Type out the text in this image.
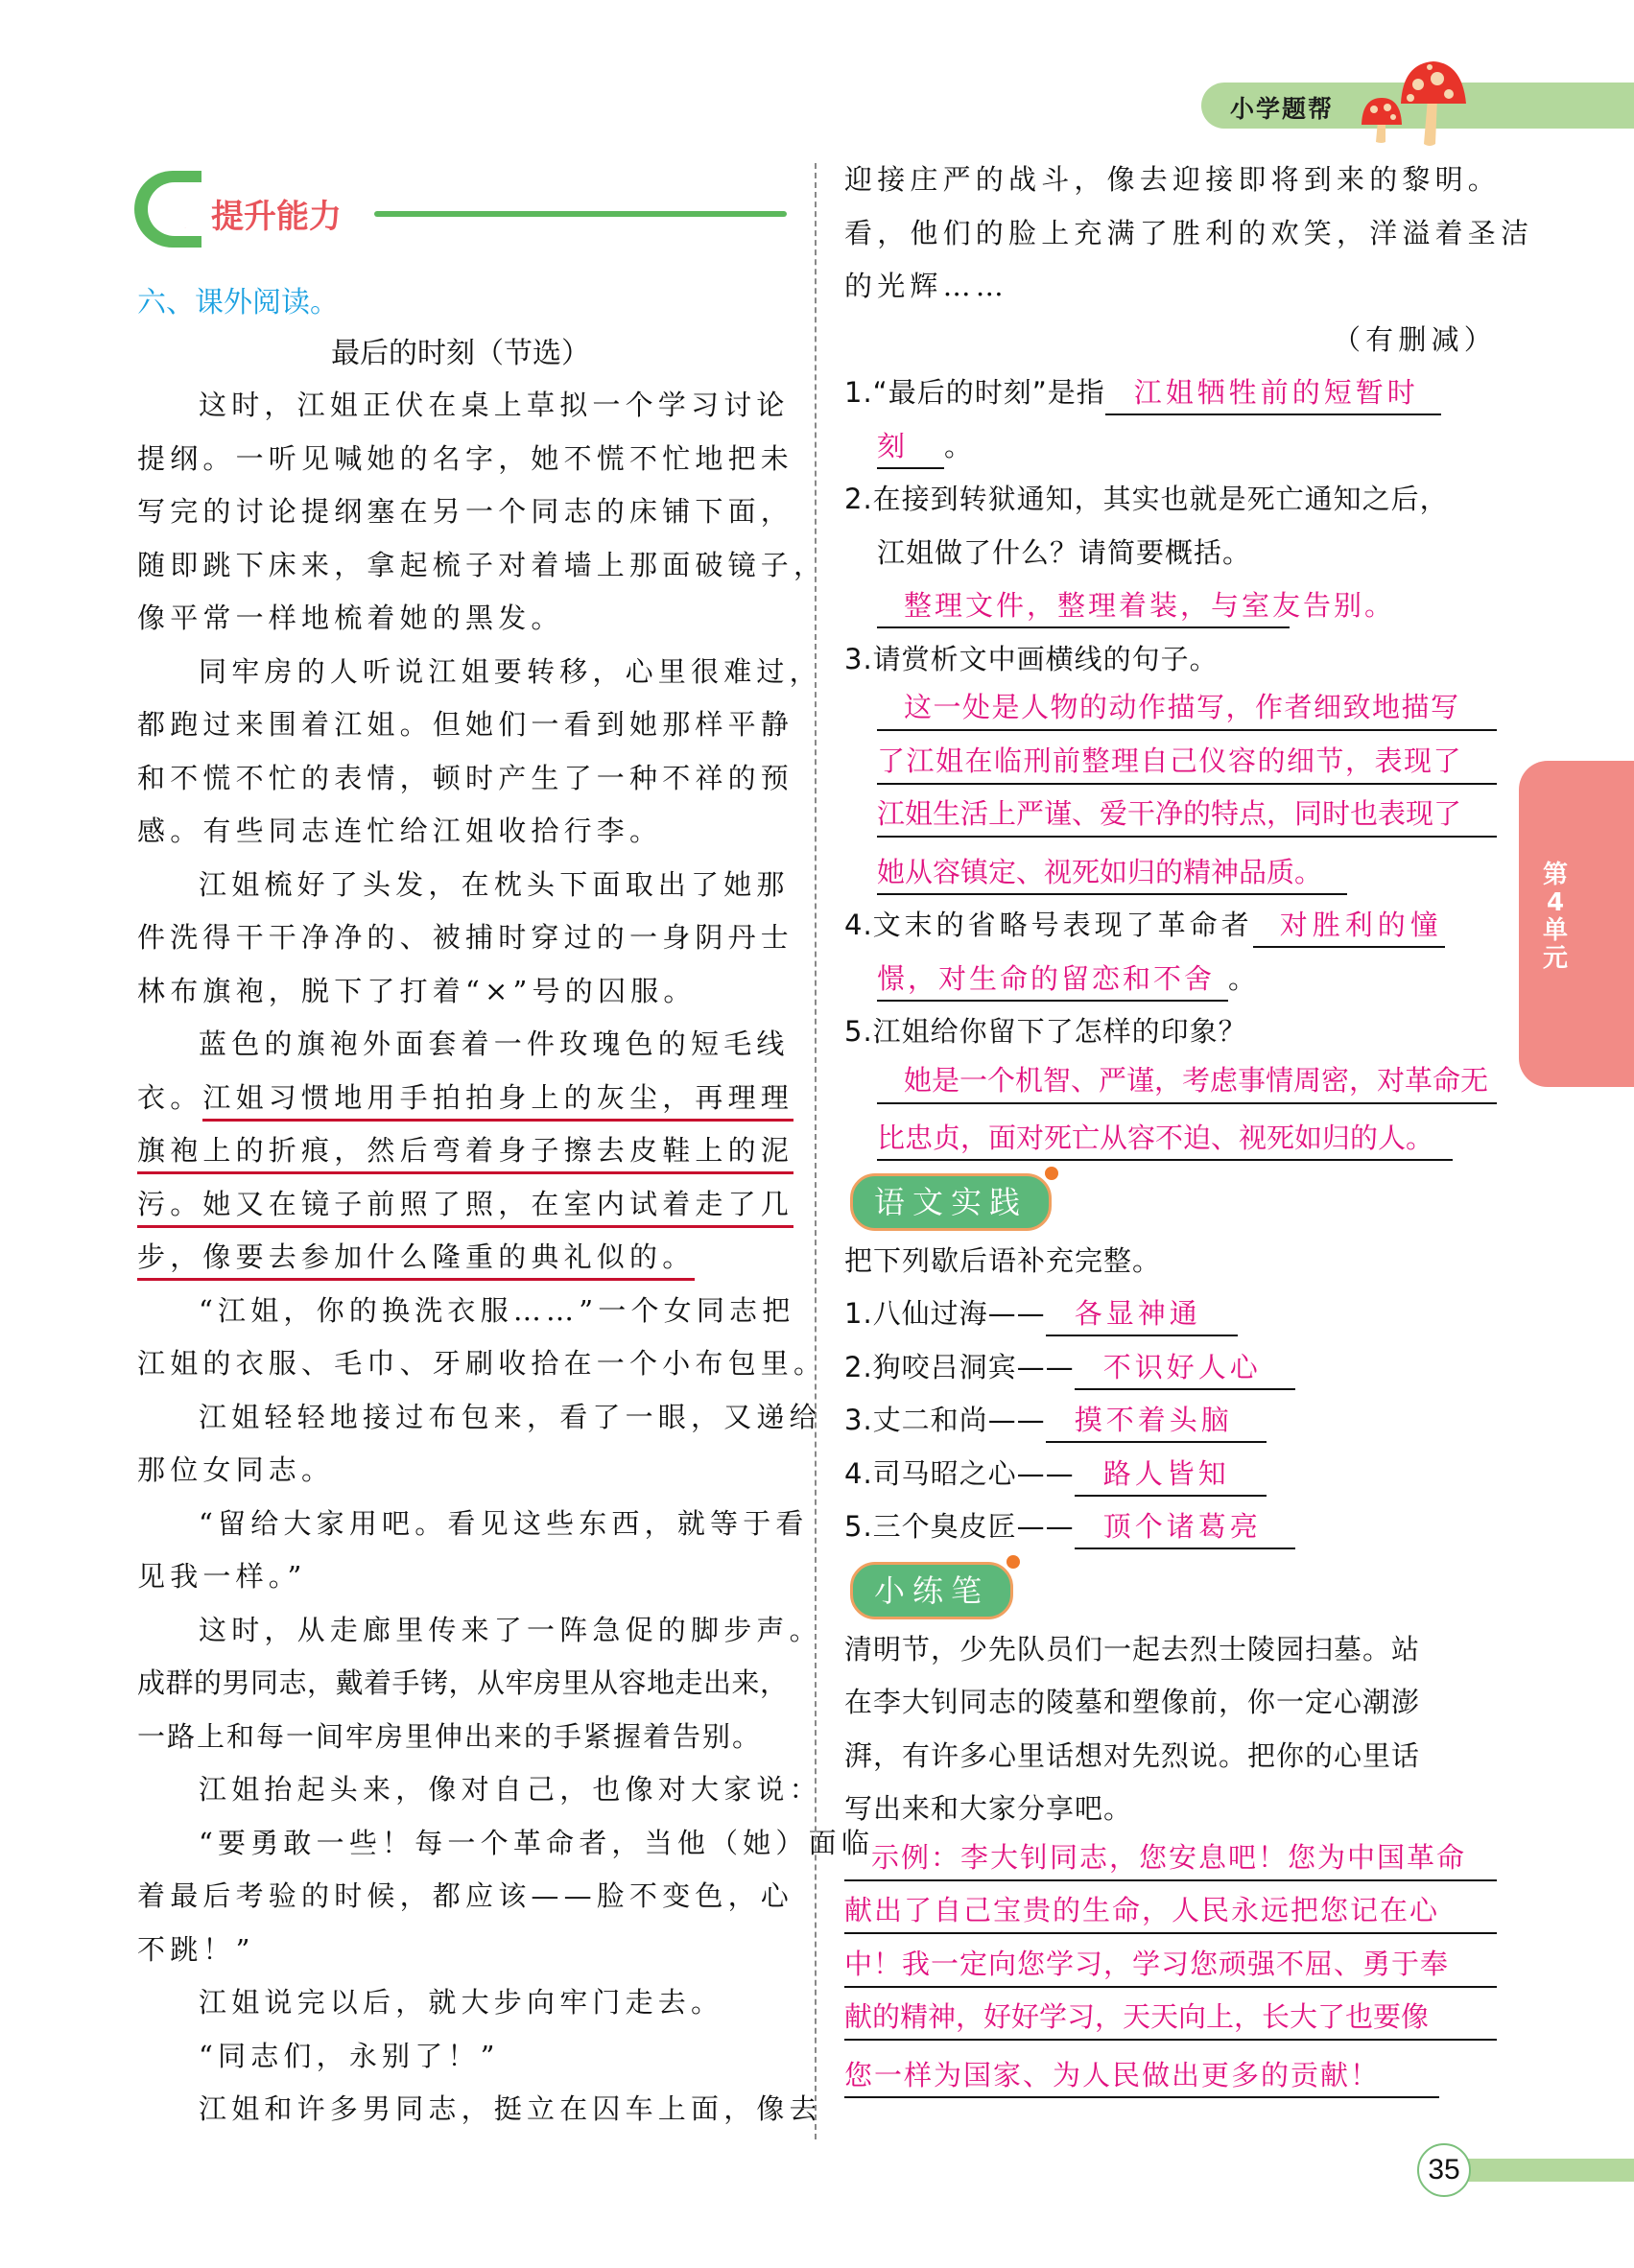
小学题帮
帮 提升能力
六、课外阅读。
最后的时刻（节选）
这时，江姐正伏在桌上草拟一个学习讨论
提纲。一听见喊她的名字，她不慌不忙地把未
写完的讨论提纲塞在另一个同志的床铺下面，
随即跳下床来，拿起梳子对着墙上那面破镜子，
像平常一样地梳着她的黑发。
同牢房的人听说江姐要转移，心里很难过，
都跑过来围着江姐。但她们一看到她那样平静
和不慌不忙的表情，顿时产生了一种不祥的预
感。有些同志连忙给江姐收拾行李。
江姐梳好了头发，在枕头下面取出了她那
件洗得干干净净的、被捕时穿过的一身阴丹士
林布旗袍，脱下了打着“×”号的囚服。
蓝色的旗袍外面套着一件玫瑰色的短毛线
衣。江姐习惯地用手拍拍身上的灰尘，再理理
旗袍上的折痕，然后弯着身子擦去皮鞋上的泥
污。她又在镜子前照了照，在室内试着走了几
步，像要去参加什么隆重的典礼似的。
“江姐，你的换洗衣服……”一个女同志把
江姐的衣服、毛巾、牙刷收拾在一个小布包里。
江姐轻轻地接过布包来，看了一眼，又递给
那位女同志。
“留给大家用吧。看见这些东西，就等于看
见我一样。”
这时，从走廊里传来了一阵急促的脚步声。
成群的男同志，戴着手铐，从牢房里从容地走出来，
一路上和每一间牢房里伸出来的手紧握着告别。
江姐抬起头来，像对自己，也像对大家说：
“要勇敢一些！每一个革命者，当他（她）面临
着最后考验的时候，都应该——脸不变色，心
不跳！”
江姐说完以后，就大步向牢门走去。
“同志们，永别了！”
江姐和许多男同志，挺立在囚车上面，像去
迎接庄严的战斗，像去迎接即将到来的黎明。
看，他们的脸上充满了胜利的欢笑，洋溢着圣洁
的光辉……
（有删减）
1.“最后的时刻”是指 江姐牺牲前的短暂时
刻 。
2.在接到转狱通知，其实也就是死亡通知之后，
江姐做了什么？请简要概括。
整理文件，整理着装，与室友告别。
3.请赏析文中画横线的句子。
这一处是人物的动作描写，作者细致地描写
了江姐在临刑前整理自己仪容的细节，表现了
江姐生活上严谨、爱干净的特点，同时也表现了
她从容镇定、视死如归的精神品质。
4.文末的省略号表现了革命者 对胜利的憧
憬，对生命的留恋和不舍 。
5.江姐给你留下了怎样的印象？
她是一个机智、严谨，考虑事情周密，对革命无
比忠贞，面对死亡从容不迫、视死如归的人。
语文实践
把下列歇后语补充完整。
1.八仙过海—— 各显神通
2.狗咬吕洞宾—— 不识好人心
3.丈二和尚—— 摸不着头脑
4.司马昭之心—— 路人皆知
5.三个臭皮匠—— 顶个诸葛亮
小练笔
清明节，少先队员们一起去烈士陵园扫墓。站
在李大钊同志的陵墓和塑像前，你一定心潮澎
湃，有许多心里话想对先烈说。把你的心里话
写出来和大家分享吧。
示例：李大钊同志，您安息吧！您为中国革命
献出了自己宝贵的生命，人民永远把您记在心
中！我一定向您学习，学习您顽强不屈、勇于奉
献的精神，好好学习，天天向上，长大了也要像
您一样为国家、为人民做出更多的贡献！
第
4
单
元
35
